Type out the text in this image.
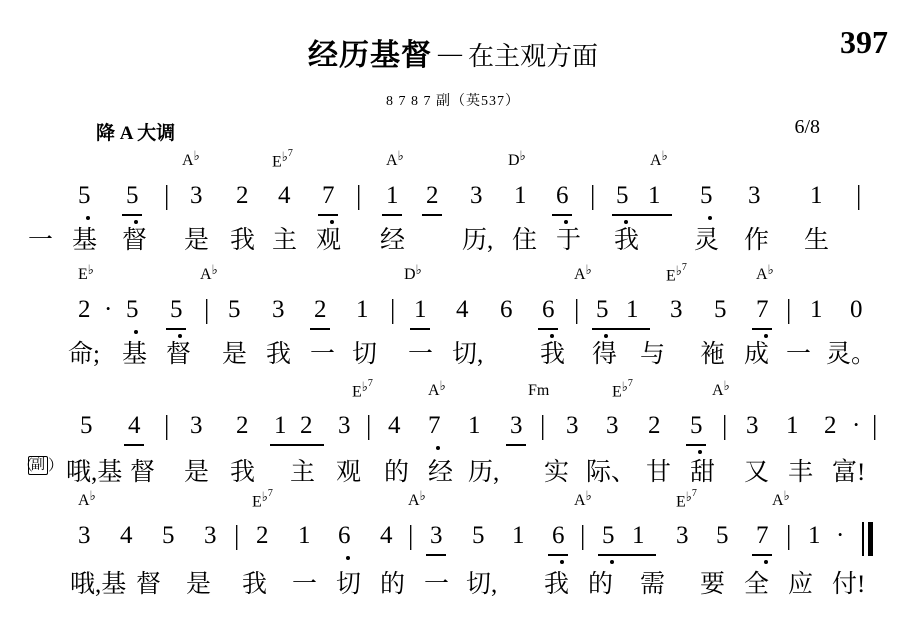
397
经历基督 — 在主观方面
8 7 8 7 副（英537）
降 A 大调	6/8
A♭	$E^{♭7}$	A♭	D♭	A♭
5 5 | 3 2 4 7 | 1 2 3 1 6 | 5 1 5 3 1 |
一 基 督 是 我 主 观 经 历, 住 于 我 灵 作 生
E♭	A♭	D♭	A♭	$E^{♭7}$	A♭
2 · 5 5 | 5 3 2 1 | 1 4 6 6 | 5 1 3 5 7 | 1 0
命; 基 督 是 我 一 切 一 切, 我 得 与 袘 成 一 灵。
$E^{♭7}$	A♭	Fm	$E^{♭7}$	A♭
5 4 | 3 2 1 2 3 | 4 7 1 3 | 3 3 2 5 | 3 1 2 · |
（
副 ） 哦,基 督 是 我 主 观 的 经 历, 实 际、 甘 甜 又 丰 富!
A♭	$E^{♭7}$	A♭	A♭	$E^{♭7}$	A♭
3 4 5 3 | 2 1 6 4 | 3 5 1 6 | 5 1 3 5 7 | 1 ·
哦,基 督 是 我 一 切 的 一 切, 我 的 需 要 全 应 付!
